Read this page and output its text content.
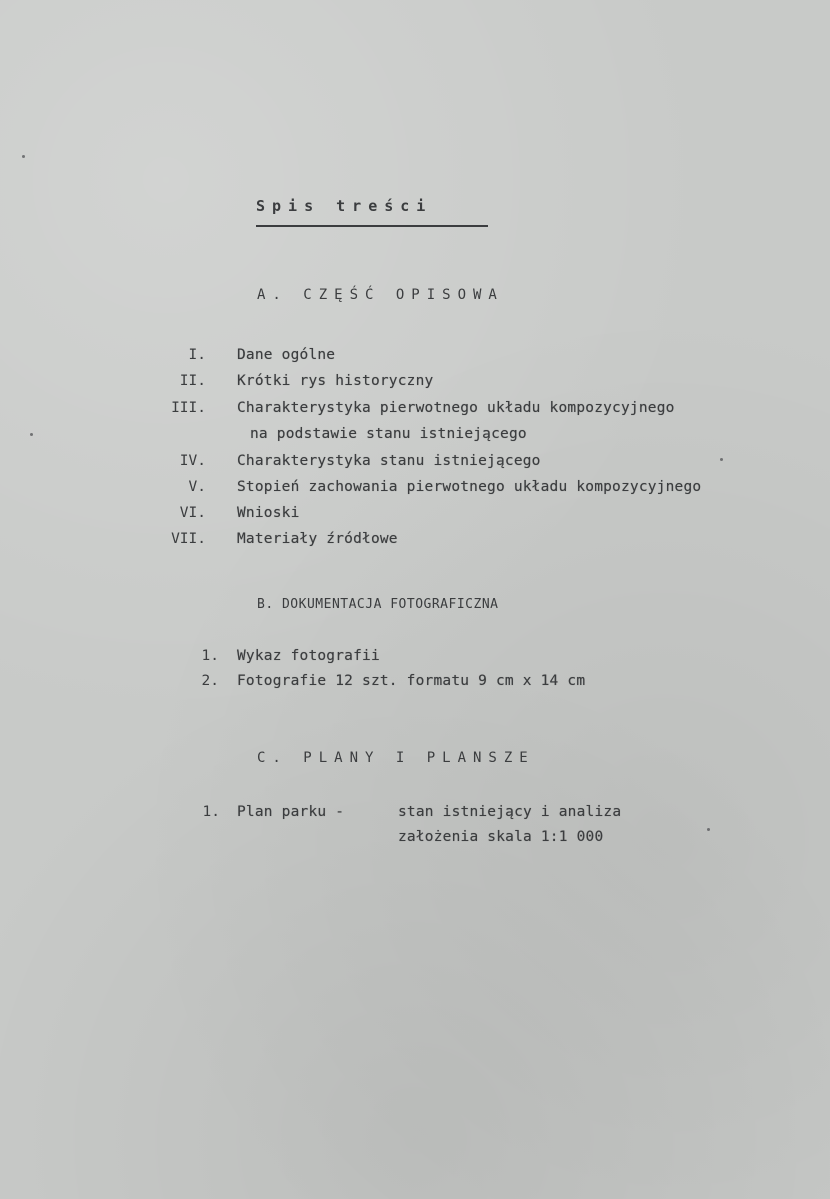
Spis treści
A. CZĘŚĆ OPISOWA
I. Dane ogólne
II. Krótki rys historyczny
III. Charakterystyka pierwotnego układu kompozycyjnego
na podstawie stanu istniejącego
IV. Charakterystyka stanu istniejącego
V. Stopień zachowania pierwotnego układu kompozycyjnego
VI. Wnioski
VII. Materiały źródłowe
B. DOKUMENTACJA FOTOGRAFICZNA
1. Wykaz fotografii
2. Fotografie 12 szt. formatu 9 cm x 14 cm
C. PLANY I PLANSZE
1. Plan parku -	stan istniejący i analiza
założenia skala 1:1 000
